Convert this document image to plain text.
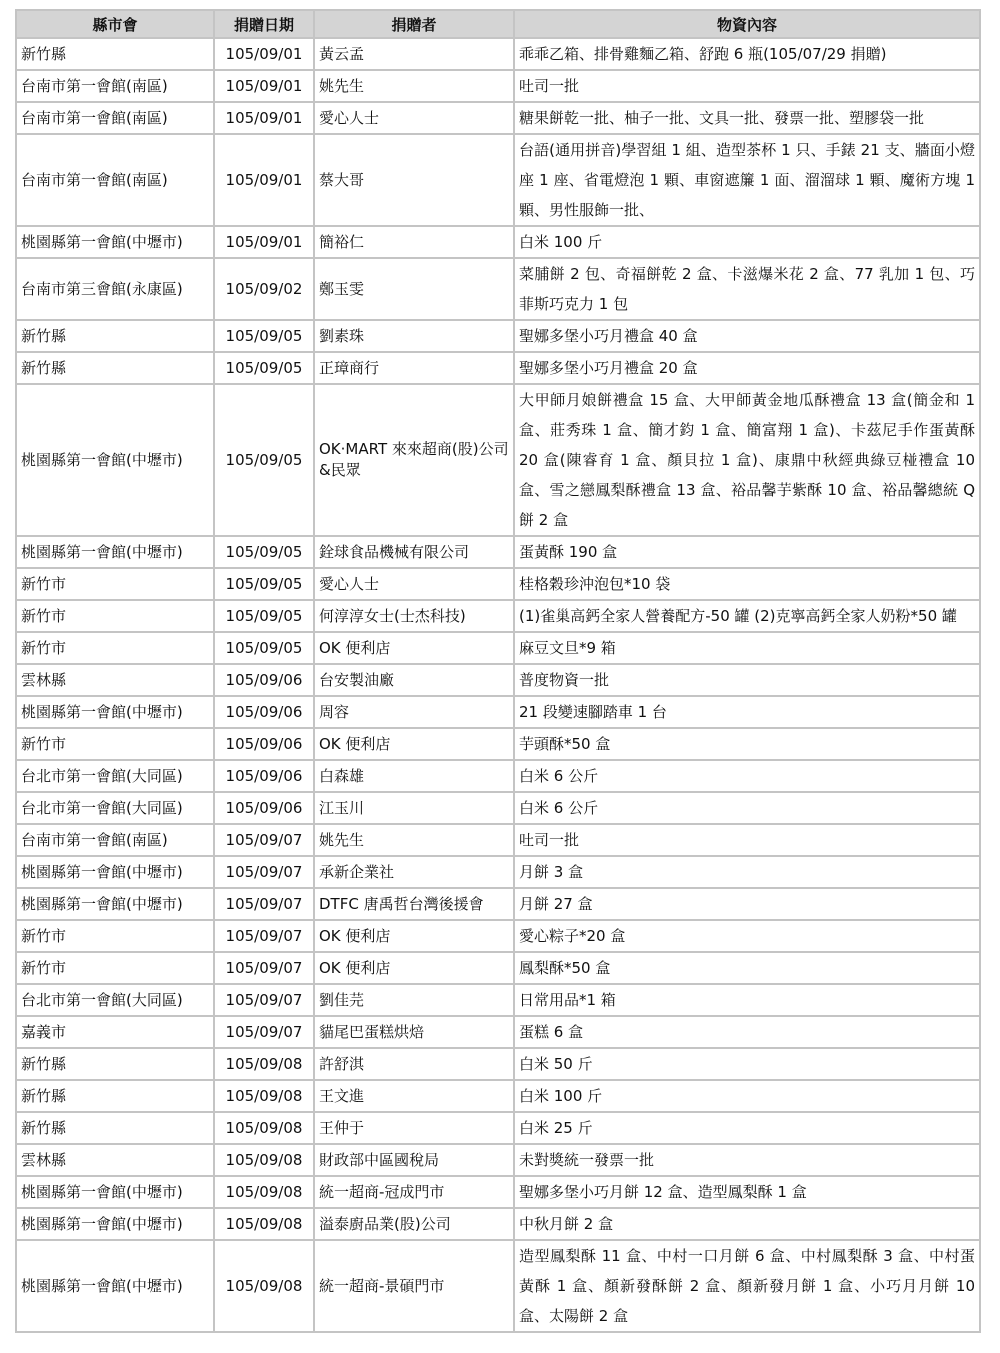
縣市會	捐贈日期	捐贈者	物資內容
新竹縣	105/09/01	黃云孟	乖乖乙箱、排骨雞麵乙箱、舒跑 6 瓶(105/07/29 捐贈)
台南市第一會館(南區)	105/09/01	姚先生	吐司一批
台南市第一會館(南區)	105/09/01	愛心人士	糖果餅乾一批、柚子一批、文具一批、發票一批、塑膠袋一批
台南市第一會館(南區)	105/09/01	蔡大哥	台語(通用拼音)學習組 1 組、造型茶杯 1 只、手錶 21 支、牆面小燈座 1 座、省電燈泡 1 顆、車窗遮簾 1 面、溜溜球 1 顆、魔術方塊 1 顆、男性服飾一批、
桃園縣第一會館(中壢市)	105/09/01	簡裕仁	白米 100 斤
台南市第三會館(永康區)	105/09/02	鄭玉雯	菜脯餅 2 包、奇福餅乾 2 盒、卡滋爆米花 2 盒、77 乳加 1 包、巧菲斯巧克力 1 包
新竹縣	105/09/05	劉素珠	聖娜多堡小巧月禮盒 40 盒
新竹縣	105/09/05	正璋商行	聖娜多堡小巧月禮盒 20 盒
桃園縣第一會館(中壢市)	105/09/05	OK·MART 來來超商(股)公司&民眾	大甲師月娘餅禮盒 15 盒、大甲師黃金地瓜酥禮盒 13 盒(簡金和 1 盒、莊秀珠 1 盒、簡才鈞 1 盒、簡富翔 1 盒)、卡茲尼手作蛋黃酥 20 盒(陳睿育 1 盒、顏貝拉 1 盒)、康鼎中秋經典綠豆椪禮盒 10 盒、雪之戀鳳梨酥禮盒 13 盒、裕品馨芋紫酥 10 盒、裕品馨總統 Q 餅 2 盒
桃園縣第一會館(中壢市)	105/09/05	銓球食品機械有限公司	蛋黃酥 190 盒
新竹市	105/09/05	愛心人士	桂格穀珍沖泡包*10 袋
新竹市	105/09/05	何淳淳女士(士杰科技)	(1)雀巢高鈣全家人營養配方-50 罐 (2)克寧高鈣全家人奶粉*50 罐
新竹市	105/09/05	OK 便利店	麻豆文旦*9 箱
雲林縣	105/09/06	台安製油廠	普度物資一批
桃園縣第一會館(中壢市)	105/09/06	周容	21 段變速腳踏車 1 台
新竹市	105/09/06	OK 便利店	芋頭酥*50 盒
台北市第一會館(大同區)	105/09/06	白森雄	白米 6 公斤
台北市第一會館(大同區)	105/09/06	江玉川	白米 6 公斤
台南市第一會館(南區)	105/09/07	姚先生	吐司一批
桃園縣第一會館(中壢市)	105/09/07	承新企業社	月餅 3 盒
桃園縣第一會館(中壢市)	105/09/07	DTFC 唐禹哲台灣後援會	月餅 27 盒
新竹市	105/09/07	OK 便利店	愛心粽子*20 盒
新竹市	105/09/07	OK 便利店	鳳梨酥*50 盒
台北市第一會館(大同區)	105/09/07	劉佳芫	日常用品*1 箱
嘉義市	105/09/07	貓尾巴蛋糕烘焙	蛋糕 6 盒
新竹縣	105/09/08	許舒淇	白米 50 斤
新竹縣	105/09/08	王文進	白米 100 斤
新竹縣	105/09/08	王仲于	白米 25 斤
雲林縣	105/09/08	財政部中區國稅局	未對獎統一發票一批
桃園縣第一會館(中壢市)	105/09/08	統一超商-冠成門市	聖娜多堡小巧月餅 12 盒、造型鳳梨酥 1 盒
桃園縣第一會館(中壢市)	105/09/08	溢泰廚品業(股)公司	中秋月餅 2 盒
桃園縣第一會館(中壢市)	105/09/08	統一超商-景碩門市	造型鳳梨酥 11 盒、中村一口月餅 6 盒、中村鳳梨酥 3 盒、中村蛋黃酥 1 盒、顏新發酥餅 2 盒、顏新發月餅 1 盒、小巧月月餅 10 盒、太陽餅 2 盒
